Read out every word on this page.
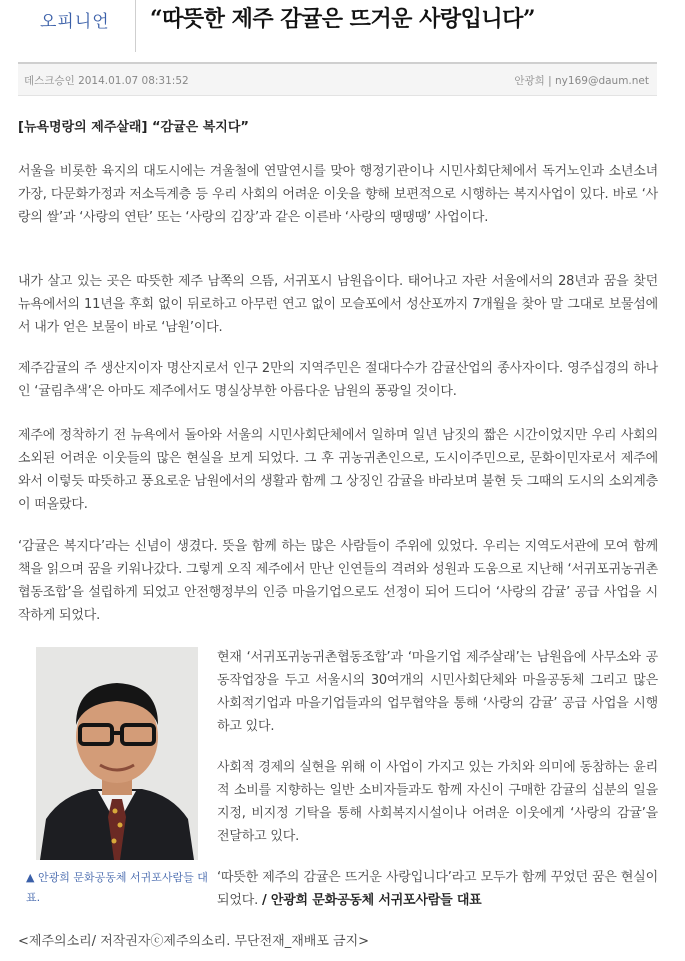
오피니언	“따뜻한 제주 감귤은 뜨거운 사랑입니다”
데스크승인 2014.01.07 08:31:52	안광희 | ny169@daum.net
[뉴욕명랑의 제주살래] “감귤은 복지다”
서울을 비롯한 육지의 대도시에는 겨울철에 연말연시를 맞아 행정기관이나 시민사회단체에서 독거노인과 소년소녀가장, 다문화가정과 저소득계층 등 우리 사회의 어려운 이웃을 향해 보편적으로 시행하는 복지사업이 있다. 바로 ‘사랑의 쌀’과 ‘사랑의 연탄’ 또는 ‘사랑의 김장’과 같은 이른바 ‘사랑의 땡땡땡’ 사업이다.
내가 살고 있는 곳은 따뜻한 제주 남쪽의 으뜸, 서귀포시 남원읍이다. 태어나고 자란 서울에서의 28년과 꿈을 찾던 뉴욕에서의 11년을 후회 없이 뒤로하고 아무런 연고 없이 모슬포에서 성산포까지 7개월을 찾아 말 그대로 보물섬에서 내가 얻은 보물이 바로 ‘남원’이다.
제주감귤의 주 생산지이자 명산지로서 인구 2만의 지역주민은 절대다수가 감귤산업의 종사자이다. 영주십경의 하나인 ‘귤림추색’은 아마도 제주에서도 명실상부한 아름다운 남원의 풍광일 것이다.
제주에 정착하기 전 뉴욕에서 돌아와 서울의 시민사회단체에서 일하며 일년 남짓의 짧은 시간이었지만 우리 사회의 소외된 어려운 이웃들의 많은 현실을 보게 되었다. 그 후 귀농귀촌인으로, 도시이주민으로, 문화이민자로서 제주에 와서 이렇듯 따뜻하고 풍요로운 남원에서의 생활과 함께 그 상징인 감귤을 바라보며 불현 듯 그때의 도시의 소외계층이 떠올랐다.
‘감귤은 복지다’라는 신념이 생겼다. 뜻을 함께 하는 많은 사람들이 주위에 있었다. 우리는 지역도서관에 모여 함께 책을 읽으며 꿈을 키워나갔다. 그렇게 오직 제주에서 만난 인연들의 격려와 성원과 도움으로 지난해 ‘서귀포귀농귀촌협동조합’을 설립하게 되었고 안전행정부의 인증 마을기업으로도 선정이 되어 드디어 ‘사랑의 감귤’ 공급 사업을 시작하게 되었다.
▲ 안광희 문화공동체 서귀포사람들 대표.
현재 ‘서귀포귀농귀촌협동조합’과 ‘마을기업 제주살래’는 남원읍에 사무소와 공동작업장을 두고 서울시의 30여개의 시민사회단체와 마을공동체 그리고 많은 사회적기업과 마을기업들과의 업무협약을 통해 ‘사랑의 감귤’ 공급 사업을 시행하고 있다.
사회적 경제의 실현을 위해 이 사업이 가지고 있는 가치와 의미에 동참하는 윤리적 소비를 지향하는 일반 소비자들과도 함께 자신이 구매한 감귤의 십분의 일을 지정, 비지정 기탁을 통해 사회복지시설이나 어려운 이웃에게 ‘사랑의 감귤’을 전달하고 있다.
‘따뜻한 제주의 감귤은 뜨거운 사랑입니다’라고 모두가 함께 꾸었던 꿈은 현실이 되었다. / 안광희 문화공동체 서귀포사람들 대표
<제주의소리/ 저작권자ⓒ제주의소리. 무단전재_재배포 금지>
